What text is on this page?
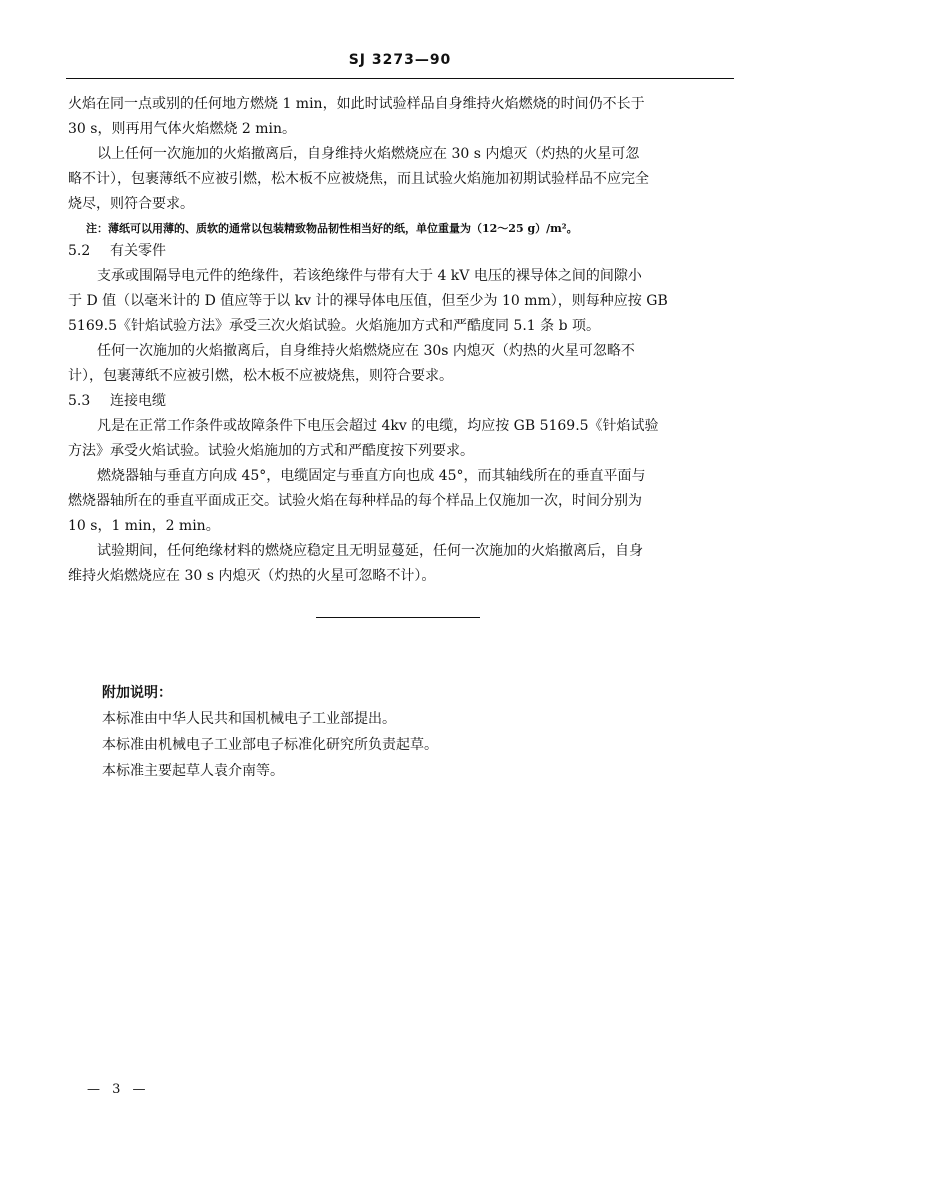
SJ 3273—90
火焰在同一点或别的任何地方燃烧 1 min，如此时试验样品自身维持火焰燃烧的时间仍不长于
30 s，则再用气体火焰燃烧 2 min。
以上任何一次施加的火焰撤离后，自身维持火焰燃烧应在 30 s 内熄灭（灼热的火星可忽
略不计），包裹薄纸不应被引燃，松木板不应被烧焦，而且试验火焰施加初期试验样品不应完全
烧尽，则符合要求。
注：薄纸可以用薄的、质软的通常以包装精致物品韧性相当好的纸，单位重量为（12～25 g）/m²。
5.2 有关零件
支承或围隔导电元件的绝缘件，若该绝缘件与带有大于 4 kV 电压的裸导体之间的间隙小
于 D 值（以毫米计的 D 值应等于以 kv 计的裸导体电压值，但至少为 10 mm），则每种应按 GB
5169.5《针焰试验方法》承受三次火焰试验。火焰施加方式和严酷度同 5.1 条 b 项。
任何一次施加的火焰撤离后，自身维持火焰燃烧应在 30s 内熄灭（灼热的火星可忽略不
计），包裹薄纸不应被引燃，松木板不应被烧焦，则符合要求。
5.3 连接电缆
凡是在正常工作条件或故障条件下电压会超过 4kv 的电缆，均应按 GB 5169.5《针焰试验
方法》承受火焰试验。试验火焰施加的方式和严酷度按下列要求。
燃烧器轴与垂直方向成 45°，电缆固定与垂直方向也成 45°，而其轴线所在的垂直平面与
燃烧器轴所在的垂直平面成正交。试验火焰在每种样品的每个样品上仅施加一次，时间分别为
10 s，1 min，2 min。
试验期间，任何绝缘材料的燃烧应稳定且无明显蔓延，任何一次施加的火焰撤离后，自身
维持火焰燃烧应在 30 s 内熄灭（灼热的火星可忽略不计）。
附加说明：
本标准由中华人民共和国机械电子工业部提出。
本标准由机械电子工业部电子标准化研究所负责起草。
本标准主要起草人袁介南等。
— 3 —
